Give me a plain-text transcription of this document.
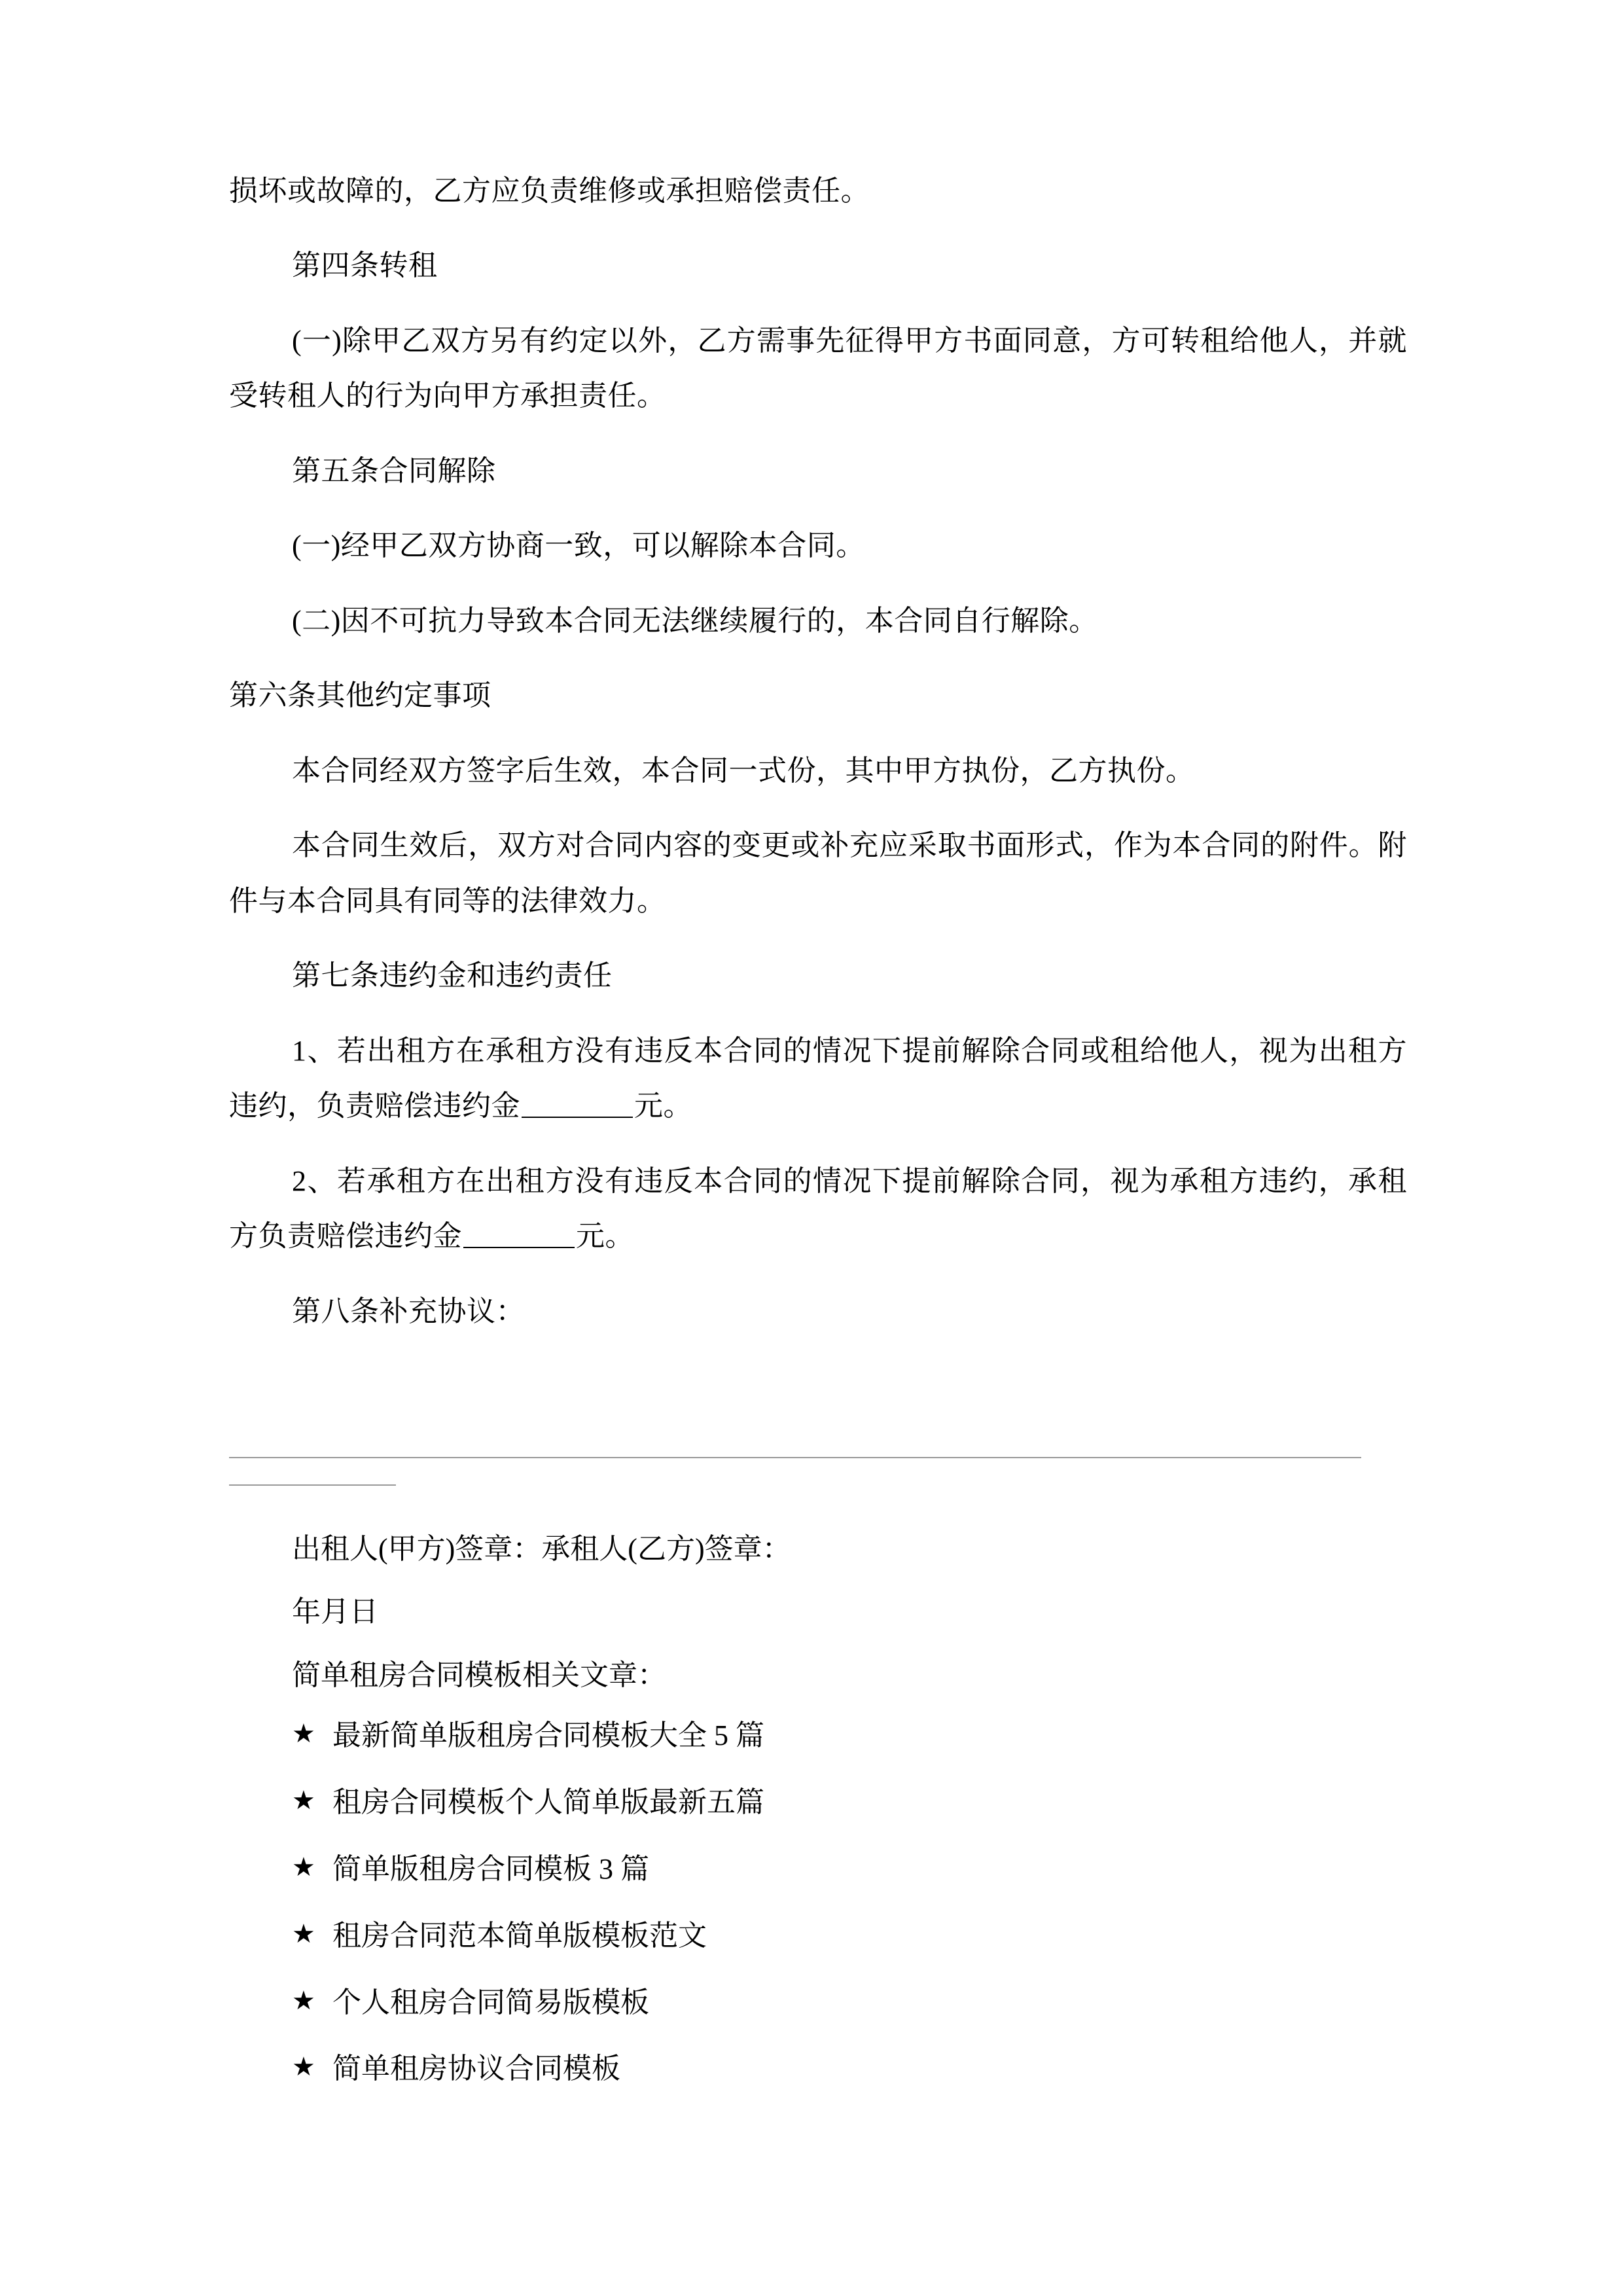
损坏或故障的，乙方应负责维修或承担赔偿责任。

第四条转租

(一)除甲乙双方另有约定以外，乙方需事先征得甲方书面同意，方可转租给他人，并就受转租人的行为向甲方承担责任。

第五条合同解除

(一)经甲乙双方协商一致，可以解除本合同。

(二)因不可抗力导致本合同无法继续履行的，本合同自行解除。

第六条其他约定事项

本合同经双方签字后生效，本合同一式份，其中甲方执份，乙方执份。

本合同生效后，双方对合同内容的变更或补充应采取书面形式，作为本合同的附件。附件与本合同具有同等的法律效力。

第七条违约金和违约责任

1、若出租方在承租方没有违反本合同的情况下提前解除合同或租给他人，视为出租方违约，负责赔偿违约金	元。

2、若承租方在出租方没有违反本合同的情况下提前解除合同，视为承租方违约，承租方负责赔偿违约金	元。

第八条补充协议：

出租人(甲方)签章：承租人(乙方)签章：

年月日

简单租房合同模板相关文章：

★ 最新简单版租房合同模板大全 5 篇
★ 租房合同模板个人简单版最新五篇
★ 简单版租房合同模板 3 篇
★ 租房合同范本简单版模板范文
★ 个人租房合同简易版模板
★ 简单租房协议合同模板
